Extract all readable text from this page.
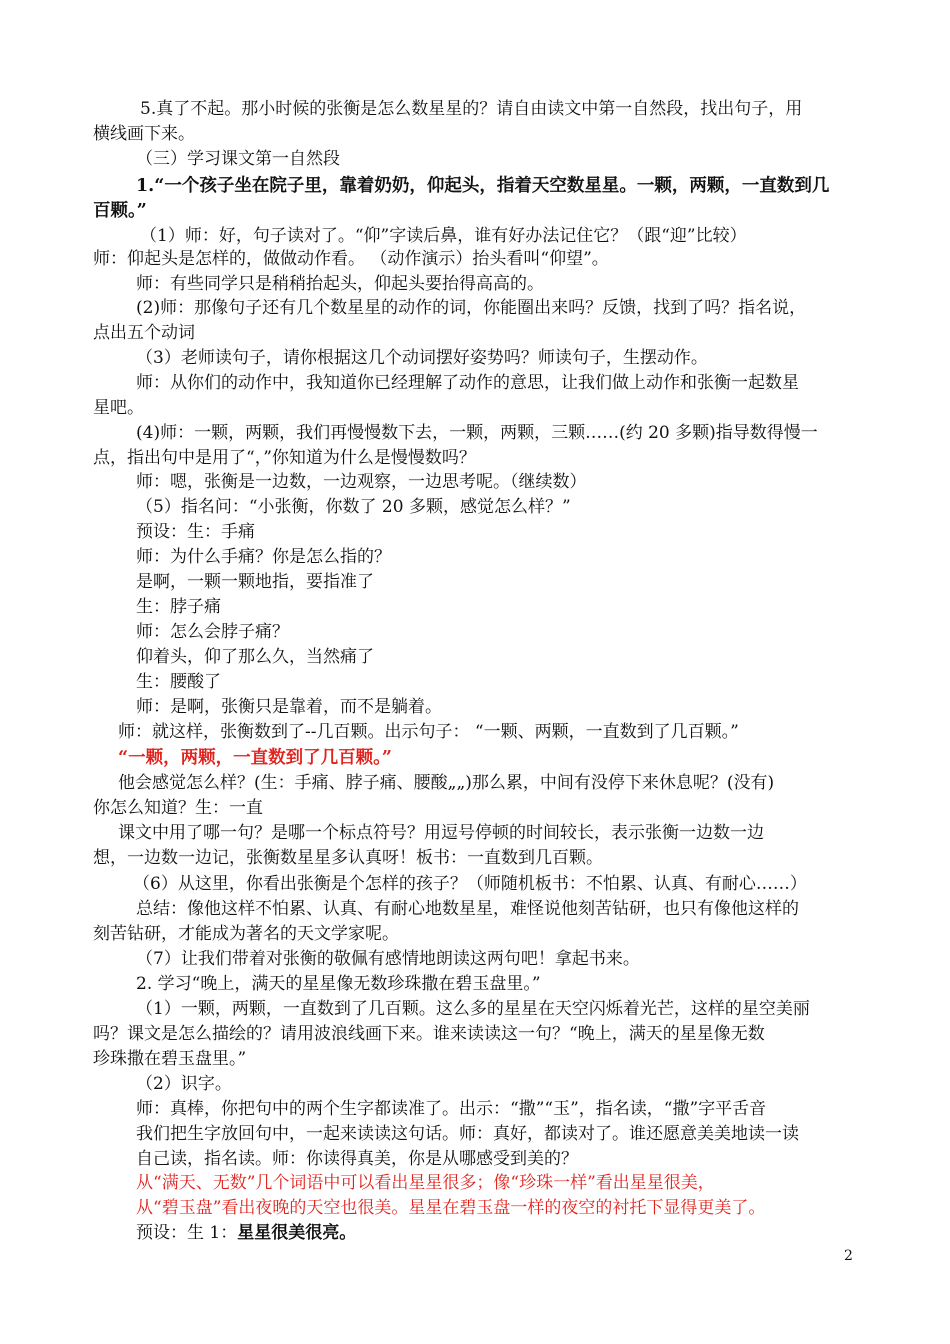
5.真了不起。那小时候的张衡是怎么数星星的？请自由读文中第一自然段，找出句子，用
横线画下来。
（三）学习课文第一自然段
1.“一个孩子坐在院子里，靠着奶奶，仰起头，指着天空数星星。一颗，两颗，一直数到几
百颗。”
（1）师：好，句子读对了。“仰”字读后鼻，谁有好办法记住它？（跟“迎”比较）
师：仰起头是怎样的，做做动作看。 （动作演示）抬头看叫“仰望”。
师：有些同学只是稍稍抬起头，仰起头要抬得高高的。
(2)师：那像句子还有几个数星星的动作的词，你能圈出来吗？反馈，找到了吗？指名说，
点出五个动词
（3）老师读句子，请你根据这几个动词摆好姿势吗？师读句子，生摆动作。
师：从你们的动作中，我知道你已经理解了动作的意思，让我们做上动作和张衡一起数星
星吧。
(4)师：一颗，两颗，我们再慢慢数下去，一颗，两颗，三颗……(约 20 多颗)指导数得慢一
点，指出句中是用了“，”你知道为什么是慢慢数吗？
师：嗯，张衡是一边数，一边观察，一边思考呢。（继续数）
（5）指名问：“小张衡，你数了 20 多颗，感觉怎么样？”
预设：生：手痛
师：为什么手痛？你是怎么指的？
是啊，一颗一颗地指，要指准了
生：脖子痛
师：怎么会脖子痛？
仰着头，仰了那么久，当然痛了
生：腰酸了
师：是啊，张衡只是靠着，而不是躺着。
师：就这样，张衡数到了--几百颗。出示句子： “一颗、两颗，一直数到了几百颗。”
“一颗，两颗，一直数到了几百颗。”
他会感觉怎么样？(生：手痛、脖子痛、腰酸„„)那么累，中间有没停下来休息呢？(没有)
你怎么知道？生：一直
课文中用了哪一句？是哪一个标点符号？用逗号停顿的时间较长，表示张衡一边数一边
想，一边数一边记，张衡数星星多认真呀！板书：一直数到几百颗。
（6）从这里，你看出张衡是个怎样的孩子？（师随机板书：不怕累、认真、有耐心……）
总结：像他这样不怕累、认真、有耐心地数星星，难怪说他刻苦钻研，也只有像他这样的
刻苦钻研，才能成为著名的天文学家呢。
（7）让我们带着对张衡的敬佩有感情地朗读这两句吧！拿起书来。
2. 学习“晚上，满天的星星像无数珍珠撒在碧玉盘里。”
（1）一颗，两颗，一直数到了几百颗。这么多的星星在天空闪烁着光芒，这样的星空美丽
吗？课文是怎么描绘的？请用波浪线画下来。谁来读读这一句？“晚上，满天的星星像无数
珍珠撒在碧玉盘里。”
（2）识字。
师：真棒，你把句中的两个生字都读准了。出示：“撒”“玉”，指名读，“撒”字平舌音
我们把生字放回句中，一起来读读这句话。师：真好，都读对了。谁还愿意美美地读一读
自己读，指名读。师：你读得真美，你是从哪感受到美的？
从“满天、无数”几个词语中可以看出星星很多；像“珍珠一样”看出星星很美，
从“碧玉盘”看出夜晚的天空也很美。星星在碧玉盘一样的夜空的衬托下显得更美了。
预设：生 1：星星很美很亮。
2
